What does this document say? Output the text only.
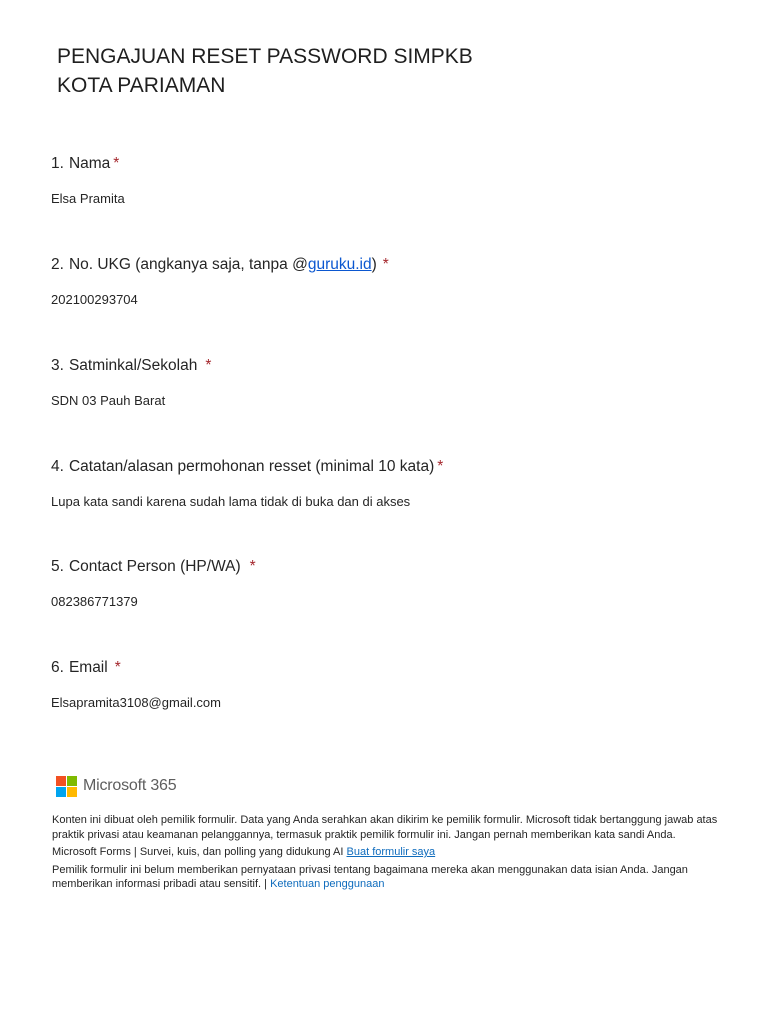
PENGAJUAN RESET PASSWORD SIMPKB
KOTA PARIAMAN
1. Nama *
Elsa Pramita
2. No. UKG (angkanya saja, tanpa @guruku.id) *
202100293704
3. Satminkal/Sekolah *
SDN 03 Pauh Barat
4. Catatan/alasan permohonan resset (minimal 10 kata) *
Lupa kata sandi karena sudah lama tidak di buka dan di akses
5. Contact Person (HP/WA) *
082386771379
6. Email *
Elsapramita3108@gmail.com
Microsoft 365
Konten ini dibuat oleh pemilik formulir. Data yang Anda serahkan akan dikirim ke pemilik formulir. Microsoft tidak bertanggung jawab atas praktik privasi atau keamanan pelanggannya, termasuk praktik pemilik formulir ini. Jangan pernah memberikan kata sandi Anda.
Microsoft Forms | Survei, kuis, dan polling yang didukung AI Buat formulir saya
Pemilik formulir ini belum memberikan pernyataan privasi tentang bagaimana mereka akan menggunakan data isian Anda. Jangan memberikan informasi pribadi atau sensitif. | Ketentuan penggunaan
